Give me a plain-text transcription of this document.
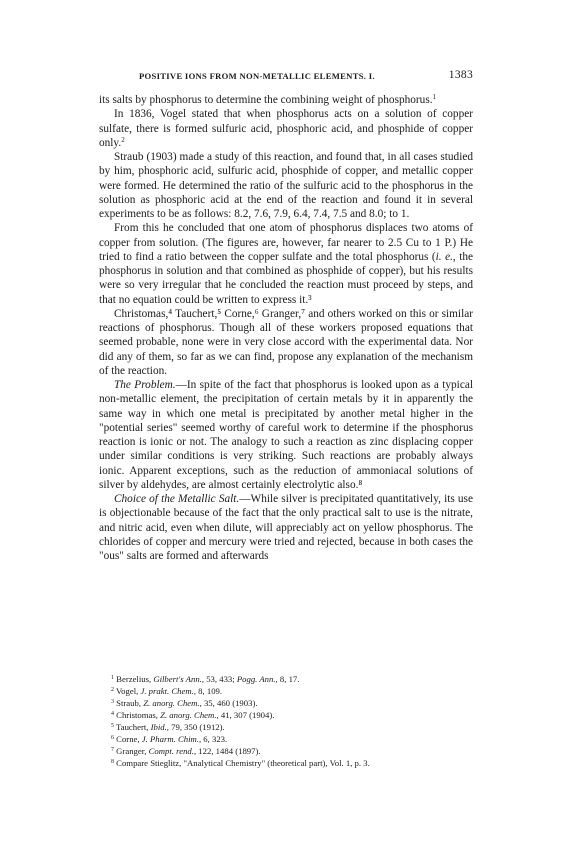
POSITIVE IONS FROM NON-METALLIC ELEMENTS. I.	1383

its salts by phosphorus to determine the combining weight of phosphorus.$^1$

In 1836, Vogel stated that when phosphorus acts on a solution of copper sulfate, there is formed sulfuric acid, phosphoric acid, and phosphide of copper only.$^2$

Straub (1903) made a study of this reaction, and found that, in all cases studied by him, phosphoric acid, sulfuric acid, phosphide of copper, and metallic copper were formed. He determined the ratio of the sulfuric acid to the phosphorus in the solution as phosphoric acid at the end of the reaction and found it in several experiments to be as follows: 8.2, 7.6, 7.9, 6.4, 7.4, 7.5 and 8.0; to 1.

From this he concluded that one atom of phosphorus displaces two atoms of copper from solution. (The figures are, however, far nearer to 2.5 Cu to 1 P.) He tried to find a ratio between the copper sulfate and the total phosphorus (i. e., the phosphorus in solution and that combined as phosphide of copper), but his results were so very irregular that he concluded the reaction must proceed by steps, and that no equation could be written to express it.³

Christomas,⁴ Tauchert,⁵ Corne,⁶ Granger,⁷ and others worked on this or similar reactions of phosphorus. Though all of these workers proposed equations that seemed probable, none were in very close accord with the experimental data. Nor did any of them, so far as we can find, propose any explanation of the mechanism of the reaction.

The Problem.—In spite of the fact that phosphorus is looked upon as a typical non-metallic element, the precipitation of certain metals by it in apparently the same way in which one metal is precipitated by another metal higher in the "potential series" seemed worthy of careful work to determine if the phosphorus reaction is ionic or not. The analogy to such a reaction as zinc displacing copper under similar conditions is very striking. Such reactions are probably always ionic. Apparent exceptions, such as the reduction of ammoniacal solutions of silver by aldehydes, are almost certainly electrolytic also.⁸

Choice of the Metallic Salt.—While silver is precipitated quantitatively, its use is objectionable because of the fact that the only practical salt to use is the nitrate, and nitric acid, even when dilute, will appreciably act on yellow phosphorus. The chlorides of copper and mercury were tried and rejected, because in both cases the "ous" salts are formed and afterwards

$^1$ Berzelius, Gilbert's Ann., 53, 433; Pogg. Ann., 8, 17.

$^2$ Vogel, J. prakt. Chem., 8, 109.

$^3$ Straub, Z. anorg. Chem., 35, 460 (1903).

$^4$ Christomas, Z. anorg. Chem., 41, 307 (1904).

$^5$ Tauchert, Ibid., 79, 350 (1912).

$^6$ Corne, J. Pharm. Chim., 6, 323.

$^7$ Granger, Compt. rend., 122, 1484 (1897).

$^8$ Compare Stieglitz, "Analytical Chemistry" (theoretical part), Vol. 1, p. 3.
